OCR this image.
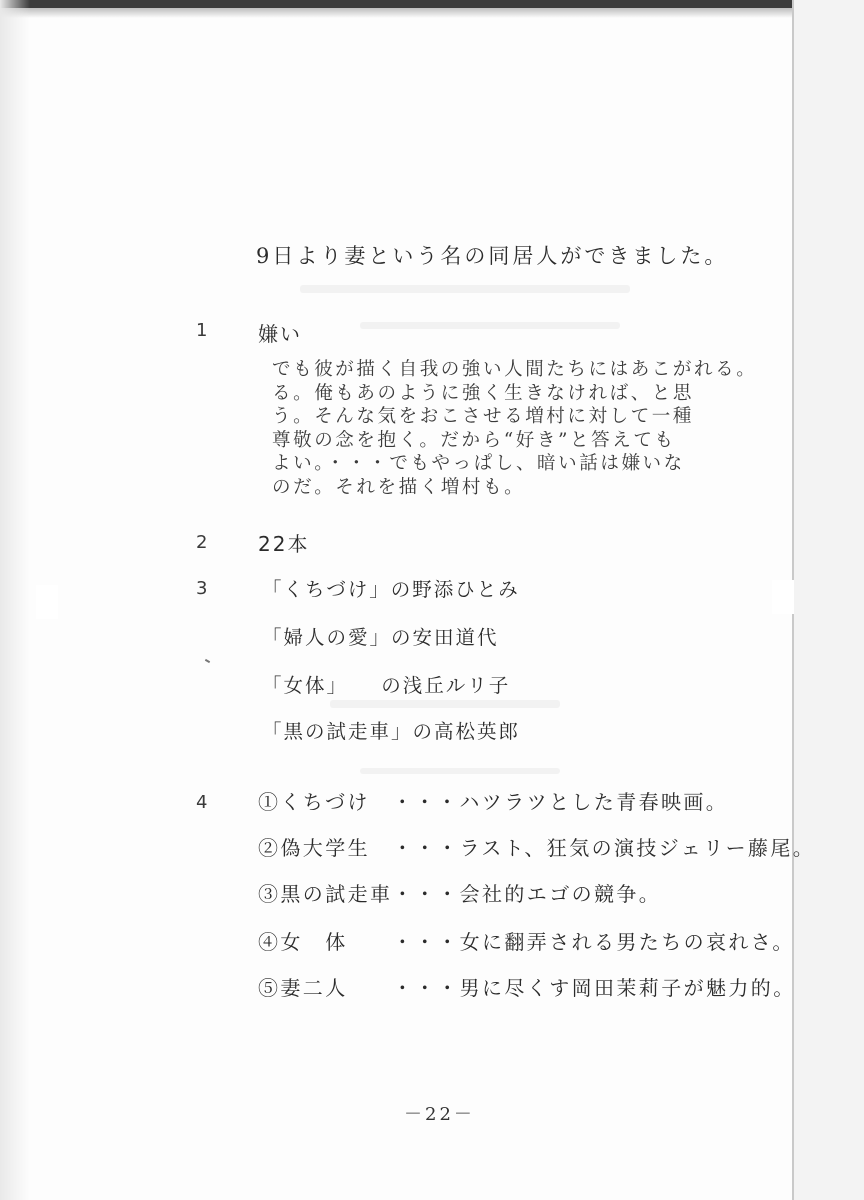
9日より妻という名の同居人ができました。
1	嫌い
でも彼が描く自我の強い人間たちにはあこがれる。
る。俺もあのように強く生きなければ、と思
う。そんな気をおこさせる増村に対して一種
尊敬の念を抱く。だから“好き”と答えても
よい。・・・でもやっぱし、暗い話は嫌いな
のだ。それを描く増村も。
2	22本
3	「くちづけ」の野添ひとみ
「婦人の愛」の安田道代
「女体」　　の浅丘ルリ子
「黒の試走車」の高松英郎
4	①くちづけ　・・・ハツラツとした青春映画。
②偽大学生　・・・ラスト、狂気の演技ジェリー藤尾。
③黒の試走車・・・会社的エゴの競争。
④女　体　　・・・女に翻弄される男たちの哀れさ。
⑤妻二人　　・・・男に尽くす岡田茉莉子が魅力的。
－22－
